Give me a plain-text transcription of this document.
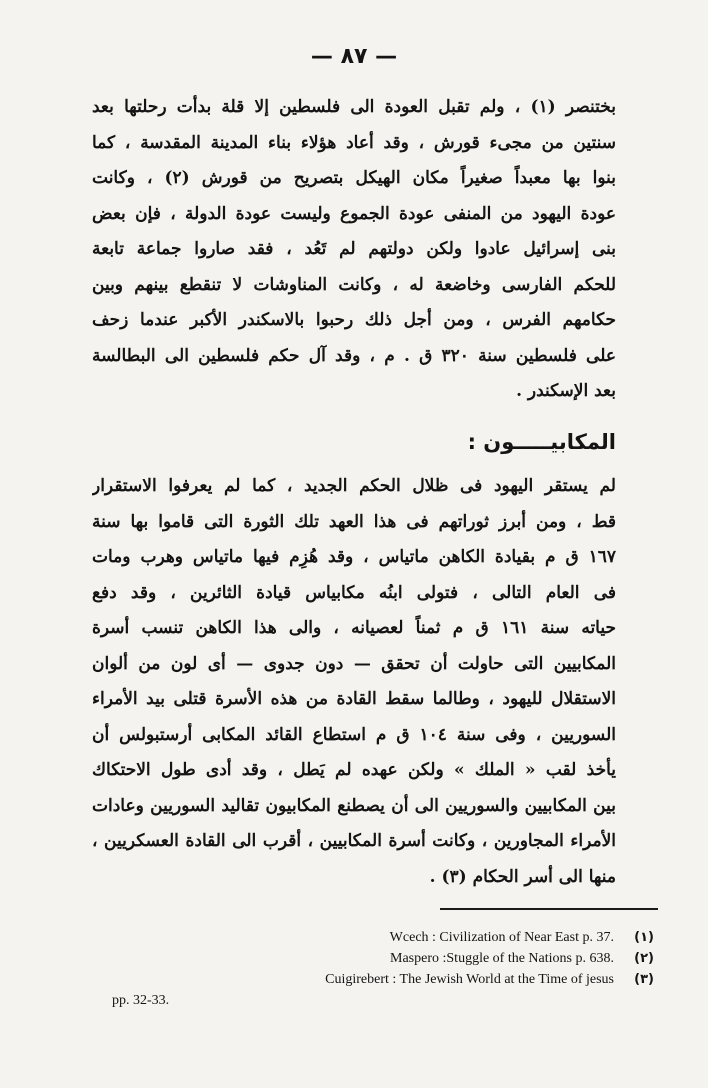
— ٨٧ —
بختنصر (١) ، ولم تقبل العودة الى فلسطين إلا قلة بدأت رحلتها بعد
سنتين من مجىء قورش ، وقد أعاد هؤلاء بناء المدينة المقدسة ، كما
بنوا بها معبداً صغيراً مكان الهيكل بتصريح من قورش (٢) ، وكانت
عودة اليهود من المنفى عودة الجموع وليست عودة الدولة ، فإن بعض
بنى إسرائيل عادوا ولكن دولتهم لم تَعُد ، فقد صاروا جماعة تابعة
للحكم الفارسى وخاضعة له ، وكانت المناوشات لا تنقطع بينهم وبين
حكامهم الفرس ، ومن أجل ذلك رحبوا بالاسكندر الأكبر عندما زحف
على فلسطين سنة ٣٢٠ ق . م ، وقد آل حكم فلسطين الى البطالسة
بعد الإسكندر .
المكابيـــــون :
لم يستقر اليهود فى ظلال الحكم الجديد ، كما لم يعرفوا الاستقرار
قط ، ومن أبرز ثوراتهم فى هذا العهد تلك الثورة التى قاموا بها سنة
١٦٧ ق م بقيادة الكاهن ماتياس ، وقد هُزِم فيها ماتياس وهرب ومات
فى العام التالى ، فتولى ابنُه مكابياس قيادة الثائرين ، وقد دفع
حياته سنة ١٦١ ق م ثمناً لعصيانه ، والى هذا الكاهن تنسب أسرة
المكابيين التى حاولت أن تحقق — دون جدوى — أى لون من ألوان
الاستقلال لليهود ، وطالما سقط القادة من هذه الأسرة قتلى بيد الأمراء
السوريين ، وفى سنة ١٠٤ ق م استطاع القائد المكابى أرستبولس أن
يأخذ لقب « الملك » ولكن عهده لم يَطل ، وقد أدى طول الاحتكاك
بين المكابيين والسوريين الى أن يصطنع المكابيون تقاليد السوريين وعادات
الأمراء المجاورين ، وكانت أسرة المكابيين ، أقرب الى القادة العسكريين ،
منها الى أسر الحكام (٣) .
Wcech : Civilization of Near East p. 37. (١)
Maspero :Stuggle of the Nations p. 638. (٢)
Cuigirebert : The Jewish World at the Time of jesus (٣)
pp. 32-33.
